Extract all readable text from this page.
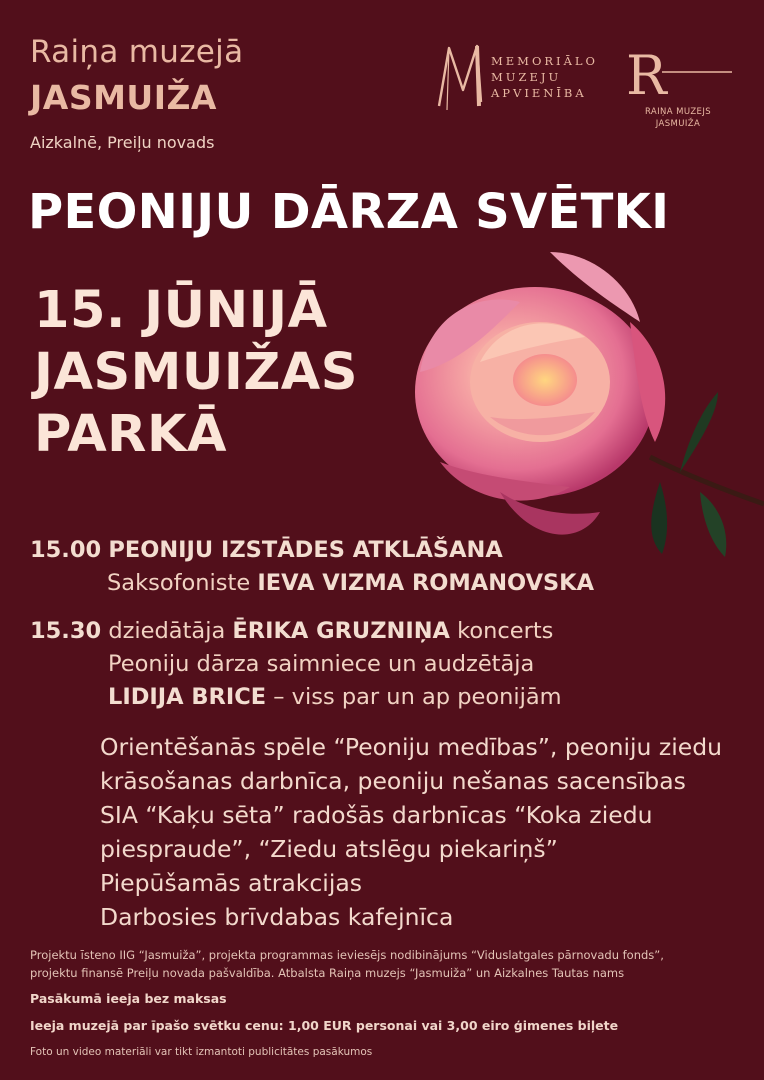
Raiņa muzejā
JASMUIŽA
Aizkalnē, Preiļu novads
MEMORIĀLO
MUZEJU
APVIENĪBA R
RAIŅA MUZEJS
JASMUIŽA
PEONIJU DĀRZA SVĒTKI
15. JŪNIJĀ
JASMUIŽAS
PARKĀ
15.00 PEONIJU IZSTĀDES ATKLĀŠANA
Saksofoniste IEVA VIZMA ROMANOVSKA
15.30 dziedātāja ĒRIKA GRUZNIŅA koncerts
Peoniju dārza saimniece un audzētāja
LIDIJA BRICE – viss par un ap peonijām
Orientēšanās spēle “Peoniju medības”, peoniju ziedu
krāsošanas darbnīca, peoniju nešanas sacensības
SIA “Kaķu sēta” radošās darbnīcas “Koka ziedu
piespraude”, “Ziedu atslēgu piekariņš”
Piepūšamās atrakcijas
Darbosies brīvdabas kafejnīca
Projektu īsteno IIG “Jasmuiža”, projekta programmas ieviesējs nodibinājums “Viduslatgales pārnovadu fonds”,
projektu finansē Preiļu novada pašvaldība. Atbalsta Raiņa muzejs “Jasmuiža” un Aizkalnes Tautas nams
Pasākumā ieeja bez maksas
Ieeja muzejā par īpašo svētku cenu: 1,00 EUR personai vai 3,00 eiro ģimenes biļete
Foto un video materiāli var tikt izmantoti publicitātes pasākumos
